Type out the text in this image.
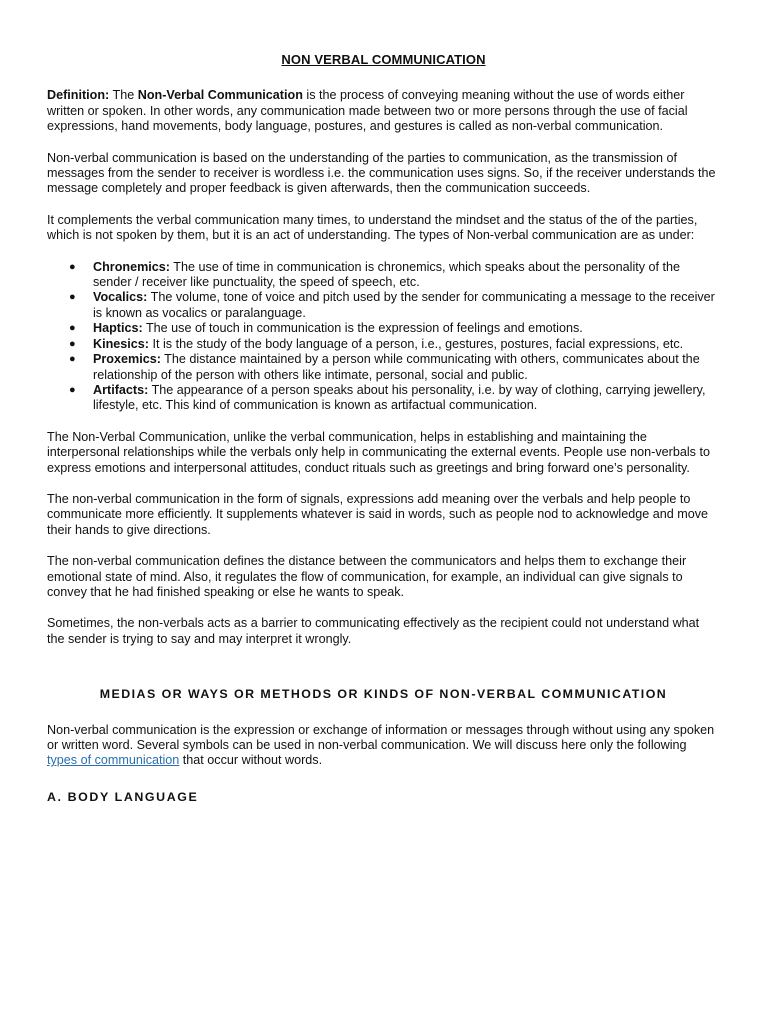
NON VERBAL COMMUNICATION

Definition: The Non-Verbal Communication is the process of conveying meaning without the use of words either written or spoken. In other words, any communication made between two or more persons through the use of facial expressions, hand movements, body language, postures, and gestures is called as non-verbal communication.

Non-verbal communication is based on the understanding of the parties to communication, as the transmission of messages from the sender to receiver is wordless i.e. the communication uses signs. So, if the receiver understands the message completely and proper feedback is given afterwards, then the communication succeeds.

It complements the verbal communication many times, to understand the mindset and the status of the of the parties, which is not spoken by them, but it is an act of understanding. The types of Non-verbal communication are as under:

● Chronemics: The use of time in communication is chronemics, which speaks about the personality of the sender / receiver like punctuality, the speed of speech, etc.
● Vocalics: The volume, tone of voice and pitch used by the sender for communicating a message to the receiver is known as vocalics or paralanguage.
● Haptics: The use of touch in communication is the expression of feelings and emotions.
● Kinesics: It is the study of the body language of a person, i.e., gestures, postures, facial expressions, etc.
● Proxemics: The distance maintained by a person while communicating with others, communicates about the relationship of the person with others like intimate, personal, social and public.
● Artifacts: The appearance of a person speaks about his personality, i.e. by way of clothing, carrying jewellery, lifestyle, etc. This kind of communication is known as artifactual communication.

The Non-Verbal Communication, unlike the verbal communication, helps in establishing and maintaining the interpersonal relationships while the verbals only help in communicating the external events. People use non-verbals to express emotions and interpersonal attitudes, conduct rituals such as greetings and bring forward one’s personality.

The non-verbal communication in the form of signals, expressions add meaning over the verbals and help people to communicate more efficiently. It supplements whatever is said in words, such as people nod to acknowledge and move their hands to give directions.

The non-verbal communication defines the distance between the communicators and helps them to exchange their emotional state of mind. Also, it regulates the flow of communication, for example, an individual can give signals to convey that he had finished speaking or else he wants to speak.

Sometimes, the non-verbals acts as a barrier to communicating effectively as the recipient could not understand what the sender is trying to say and may interpret it wrongly.

MEDIAS OR WAYS OR METHODS OR KINDS OF NON-VERBAL COMMUNICATION

Non-verbal communication is the expression or exchange of information or messages through without using any spoken or written word. Several symbols can be used in non-verbal communication. We will discuss here only the following types of communication that occur without words.

A. BODY LANGUAGE
